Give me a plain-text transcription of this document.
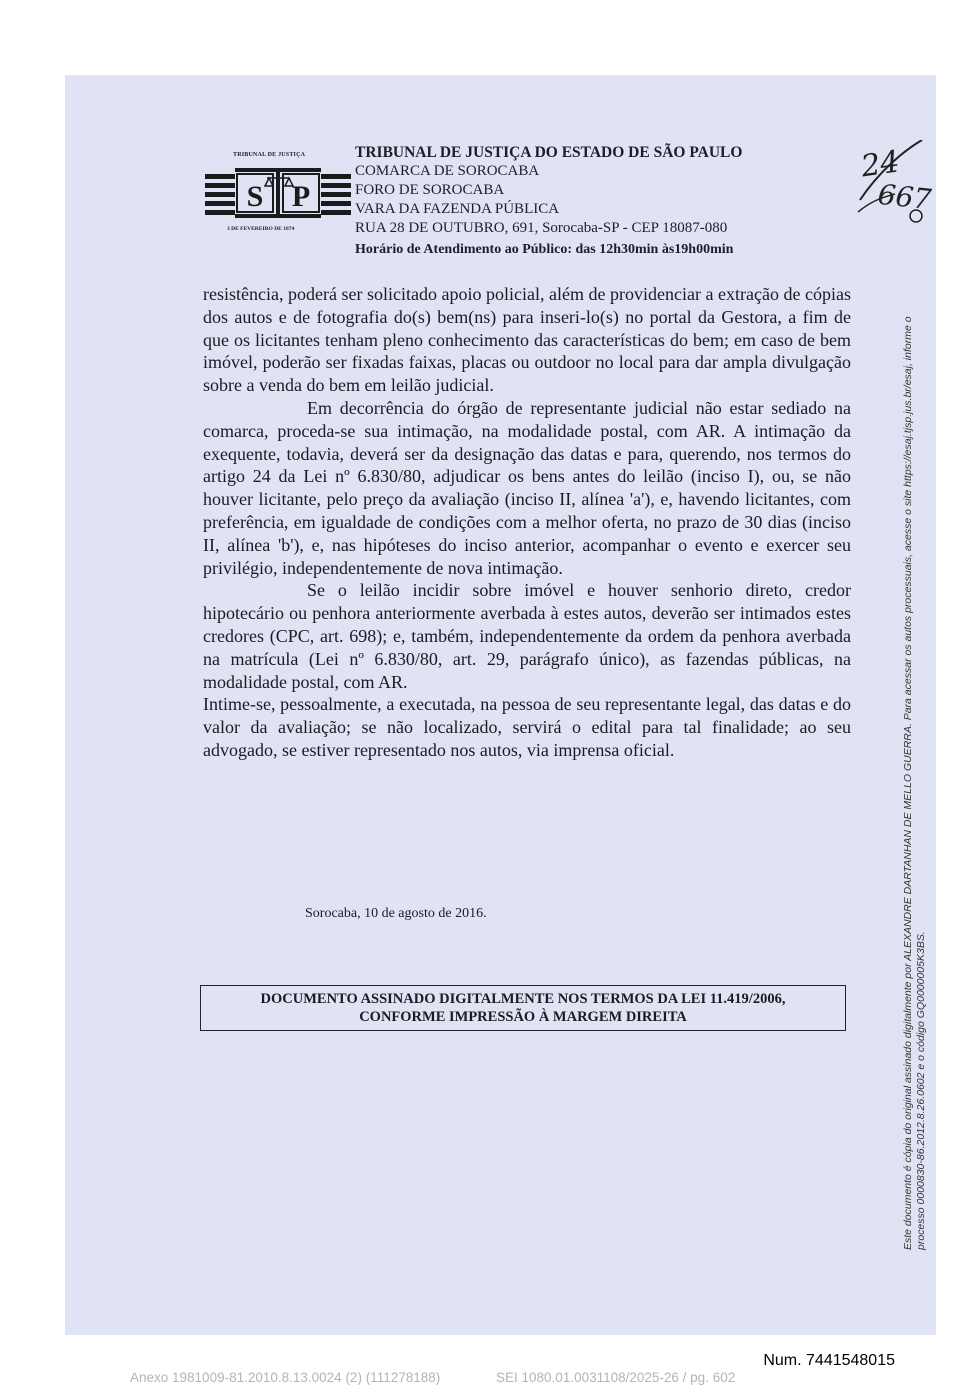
TRIBUNAL DE JUSTIÇA
S P
3 DE FEVEREIRO DE 1874
TRIBUNAL DE JUSTIÇA DO ESTADO DE SÃO PAULO
COMARCA DE SOROCABA
FORO DE SOROCABA
VARA DA FAZENDA PÚBLICA
RUA 28 DE OUTUBRO, 691, Sorocaba-SP - CEP 18087-080
Horário de Atendimento ao Público: das 12h30min às19h00min
24
667

resistência, poderá ser solicitado apoio policial, além de providenciar a extração de cópias dos autos e de fotografia do(s) bem(ns) para inseri-lo(s) no portal da Gestora, a fim de que os licitantes tenham pleno conhecimento das características do bem; em caso de bem imóvel, poderão ser fixadas faixas, placas ou outdoor no local para dar ampla divulgação sobre a venda do bem em leilão judicial.

Em decorrência do órgão de representante judicial não estar sediado na comarca, proceda-se sua intimação, na modalidade postal, com AR. A intimação da exequente, todavia, deverá ser da designação das datas e para, querendo, nos termos do artigo 24 da Lei nº 6.830/80, adjudicar os bens antes do leilão (inciso I), ou, se não houver licitante, pelo preço da avaliação (inciso II, alínea 'a'), e, havendo licitantes, com preferência, em igualdade de condições com a melhor oferta, no prazo de 30 dias (inciso II, alínea 'b'), e, nas hipóteses do inciso anterior, acompanhar o evento e exercer seu privilégio, independentemente de nova intimação.

Se o leilão incidir sobre imóvel e houver senhorio direto, credor hipotecário ou penhora anteriormente averbada à estes autos, deverão ser intimados estes credores (CPC, art. 698); e, também, independentemente da ordem da penhora averbada na matrícula (Lei nº 6.830/80, art. 29, parágrafo único), as fazendas públicas, na modalidade postal, com AR.

Intime-se, pessoalmente, a executada, na pessoa de seu representante legal, das datas e do valor da avaliação; se não localizado, servirá o edital para tal finalidade; ao seu advogado, se estiver representado nos autos, via imprensa oficial.

Sorocaba, 10 de agosto de 2016.
DOCUMENTO ASSINADO DIGITALMENTE NOS TERMOS DA LEI 11.419/2006,
CONFORME IMPRESSÃO À MARGEM DIREITA	Este documento é cópia do original assinado digitalmente por ALEXANDRE DARTANHAN DE MELLO GUERRA. Para acessar os autos processuais, acesse o site https://esaj.tjsp.jus.br/esaj, informe o processo 0000830-86.2012.8.26.0602 e o código GQ0000005K3BS.
Num. 7441548015
Anexo 1981009-81.2010.8.13.0024 (2) (111278188)	SEI 1080.01.0031108/2025-26 / pg. 602
